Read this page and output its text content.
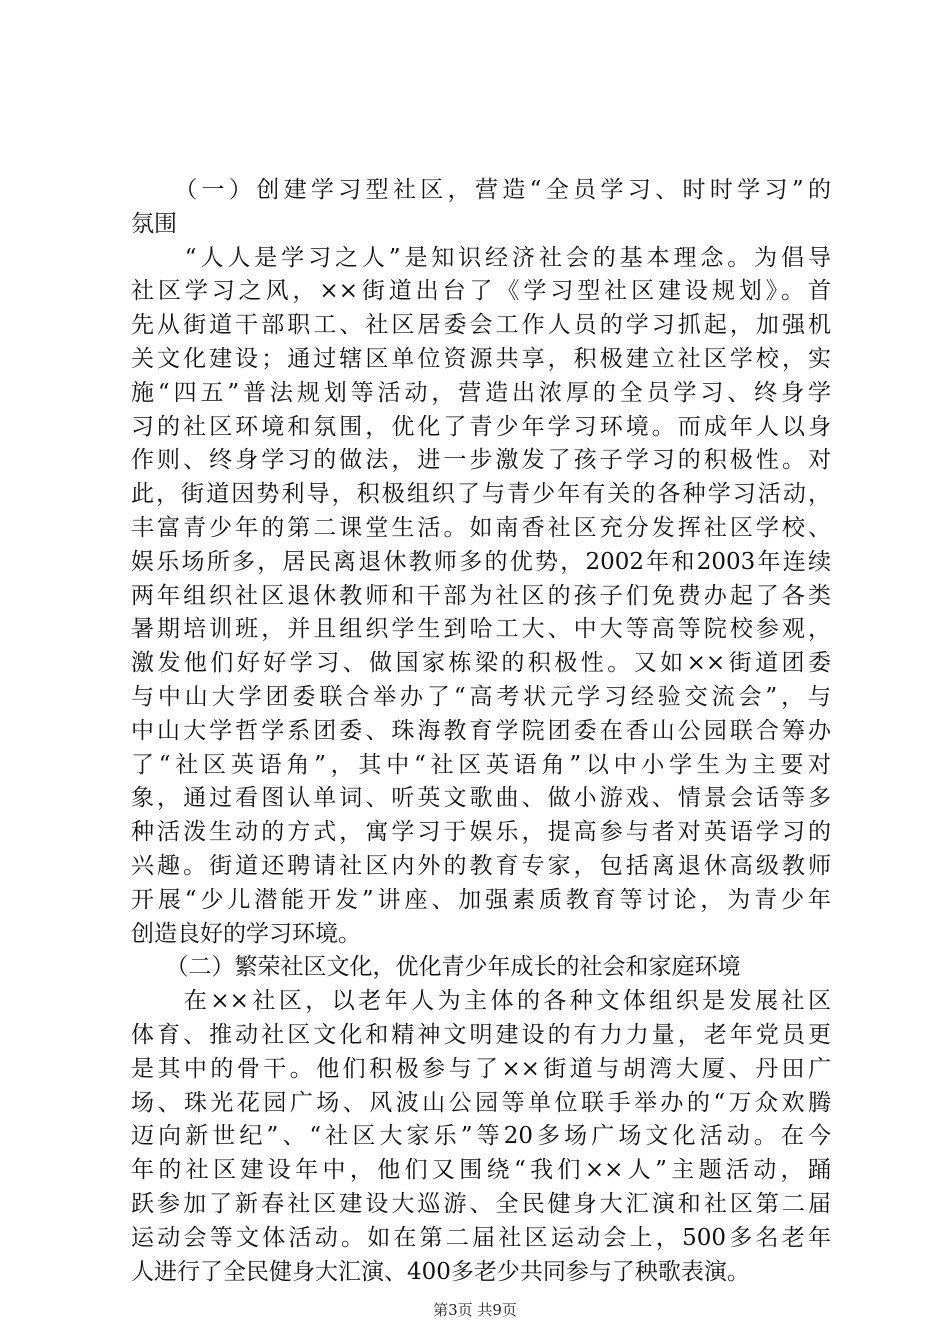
　　（一）创建学习型社区，营造“全员学习、时时学习”的
氛围
　　“人人是学习之人”是知识经济社会的基本理念。为倡导
社区学习之风，××街道出台了《学习型社区建设规划》。首
先从街道干部职工、社区居委会工作人员的学习抓起，加强机
关文化建设；通过辖区单位资源共享，积极建立社区学校，实
施“四五”普法规划等活动，营造出浓厚的全员学习、终身学
习的社区环境和氛围，优化了青少年学习环境。而成年人以身
作则、终身学习的做法，进一步激发了孩子学习的积极性。对
此，街道因势利导，积极组织了与青少年有关的各种学习活动，
丰富青少年的第二课堂生活。如南香社区充分发挥社区学校、
娱乐场所多，居民离退休教师多的优势，2002年和2003年连续
两年组织社区退休教师和干部为社区的孩子们免费办起了各类
暑期培训班，并且组织学生到哈工大、中大等高等院校参观，
激发他们好好学习、做国家栋梁的积极性。又如××街道团委
与中山大学团委联合举办了“高考状元学习经验交流会”，与
中山大学哲学系团委、珠海教育学院团委在香山公园联合筹办
了“社区英语角”，其中“社区英语角”以中小学生为主要对
象，通过看图认单词、听英文歌曲、做小游戏、情景会话等多
种活泼生动的方式，寓学习于娱乐，提高参与者对英语学习的
兴趣。街道还聘请社区内外的教育专家，包括离退休高级教师
开展“少儿潜能开发”讲座、加强素质教育等讨论，为青少年
创造良好的学习环境。
　　（二）繁荣社区文化，优化青少年成长的社会和家庭环境
　　在××社区，以老年人为主体的各种文体组织是发展社区
体育、推动社区文化和精神文明建设的有力力量，老年党员更
是其中的骨干。他们积极参与了××街道与胡湾大厦、丹田广
场、珠光花园广场、风波山公园等单位联手举办的“万众欢腾
迈向新世纪”、“社区大家乐”等20多场广场文化活动。在今
年的社区建设年中，他们又围绕“我们××人”主题活动，踊
跃参加了新春社区建设大巡游、全民健身大汇演和社区第二届
运动会等文体活动。如在第二届社区运动会上，500多名老年
人进行了全民健身大汇演、400多老少共同参与了秧歌表演。
第3页 共9页
